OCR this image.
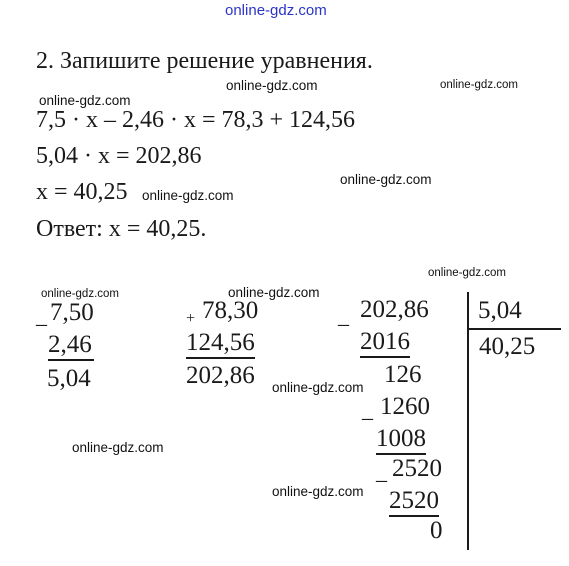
online-gdz.com
online-gdz.com	online-gdz.com
online-gdz.com
online-gdz.com
online-gdz.com
online-gdz.com
online-gdz.com	online-gdz.com
online-gdz.com
online-gdz.com
online-gdz.com
2. Запишите решение уравнения.
7,5 · x – 2,46 · x = 78,3 + 124,56
5,04 · x = 202,86
x = 40,25
Ответ: x = 40,25.
_ 7,50
2,46
5,04
+ 78,30
124,56
202,86
_ 202,86
2016
126
_ 1260
1008
_ 2520
2520
0
5,04
40,25
